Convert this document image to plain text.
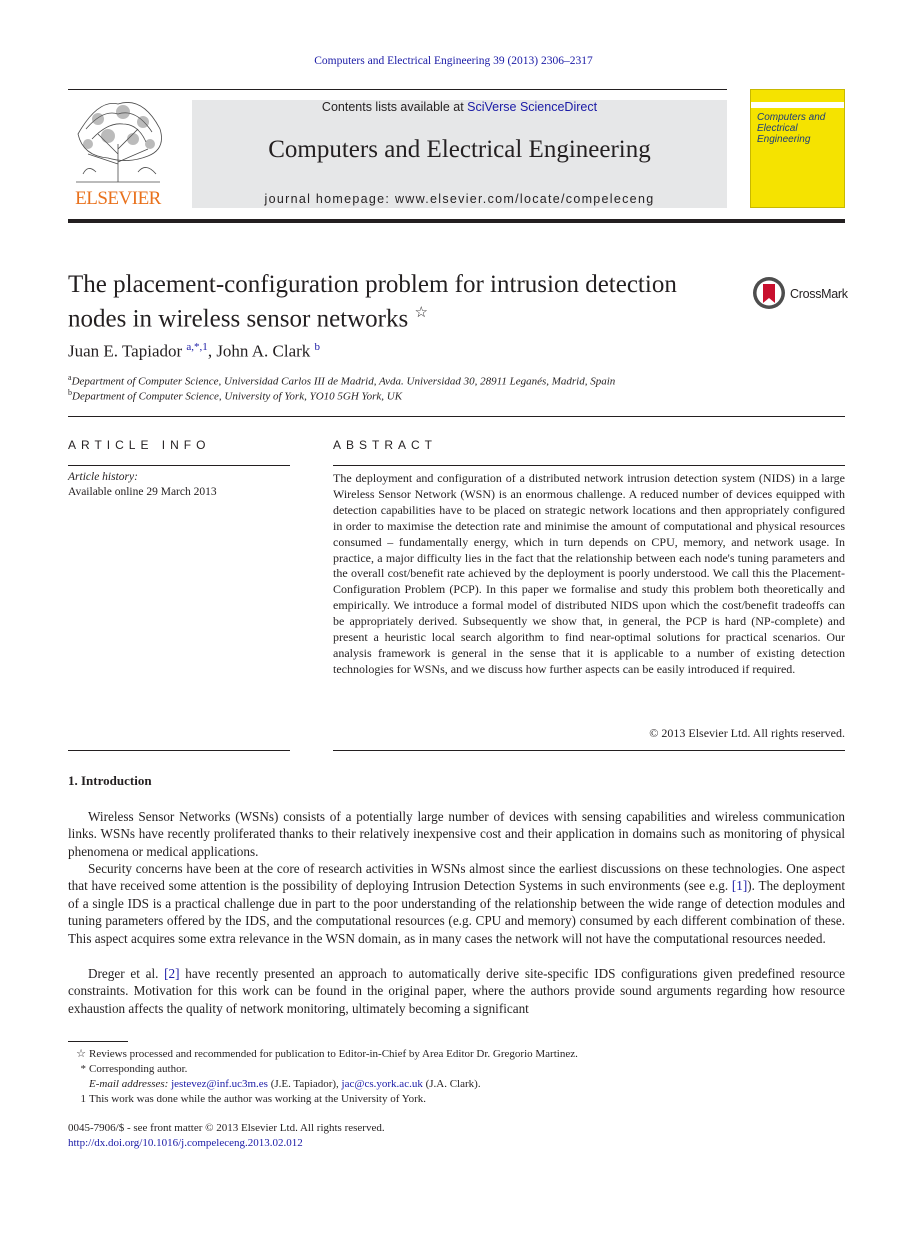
Computers and Electrical Engineering 39 (2013) 2306–2317
ELSEVIER
Contents lists available at SciVerse ScienceDirect
Computers and Electrical Engineering
journal homepage: www.elsevier.com/locate/compeleceng
Computers and Electrical Engineering
The placement-configuration problem for intrusion detection nodes in wireless sensor networks ☆
CrossMark
Juan E. Tapiador $^{a,*,1}$, John A. Clark $^b$
$^a$Department of Computer Science, Universidad Carlos III de Madrid, Avda. Universidad 30, 28911 Leganés, Madrid, Spain
$^b$Department of Computer Science, University of York, YO10 5GH York, UK
ARTICLE INFO	ABSTRACT
Article history:
Available online 29 March 2013
The deployment and configuration of a distributed network intrusion detection system (NIDS) in a large Wireless Sensor Network (WSN) is an enormous challenge. A reduced number of devices equipped with detection capabilities have to be placed on strategic network locations and then appropriately configured in order to maximise the detection rate and minimise the amount of computational and physical resources consumed – fundamentally energy, which in turn depends on CPU, memory, and network usage. In practice, a major difficulty lies in the fact that the relationship between each node's tuning parameters and the overall cost/benefit rate achieved by the deployment is poorly understood. We call this the Placement-Configuration Problem (PCP). In this paper we formalise and study this problem both theoretically and empirically. We introduce a formal model of distributed NIDS upon which the cost/benefit tradeoffs can be appropriately derived. Subsequently we show that, in general, the PCP is hard (NP-complete) and present a heuristic local search algorithm to find near-optimal solutions for practical scenarios. Our analysis framework is general in the sense that it is applicable to a number of existing detection technologies for WSNs, and we discuss how further aspects can be easily introduced if required.
© 2013 Elsevier Ltd. All rights reserved.
1. Introduction
Wireless Sensor Networks (WSNs) consists of a potentially large number of devices with sensing capabilities and wireless communication links. WSNs have recently proliferated thanks to their relatively inexpensive cost and their application in domains such as monitoring of physical phenomena or medical applications.
Security concerns have been at the core of research activities in WSNs almost since the earliest discussions on these technologies. One aspect that have received some attention is the possibility of deploying Intrusion Detection Systems in such environments (see e.g. [1]). The deployment of a single IDS is a practical challenge due in part to the poor understanding of the relationship between the wide range of detection modules and tuning parameters offered by the IDS, and the computational resources (e.g. CPU and memory) consumed by each different combination of these. This aspect acquires some extra relevance in the WSN domain, as in many cases the network will not have the computational resources needed.
Dreger et al. [2] have recently presented an approach to automatically derive site-specific IDS configurations given predefined resource constraints. Motivation for this work can be found in the original paper, where the authors provide sound arguments regarding how resource exhaustion affects the quality of network monitoring, ultimately becoming a significant
☆ Reviews processed and recommended for publication to Editor-in-Chief by Area Editor Dr. Gregorio Martinez.
* Corresponding author.
E-mail addresses: jestevez@inf.uc3m.es (J.E. Tapiador), jac@cs.york.ac.uk (J.A. Clark).
1 This work was done while the author was working at the University of York.
0045-7906/$ - see front matter © 2013 Elsevier Ltd. All rights reserved.
http://dx.doi.org/10.1016/j.compeleceng.2013.02.012
